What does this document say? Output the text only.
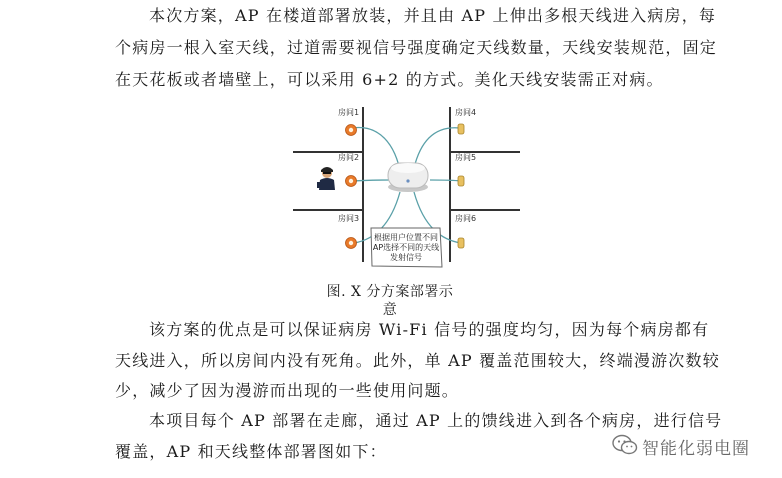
本次方案，AP 在楼道部署放装，并且由 AP 上伸出多根天线进入病房，每
个病房一根入室天线，过道需要视信号强度确定天线数量，天线安装规范，固定
在天花板或者墙壁上，可以采用 6+2 的方式。美化天线安装需正对病。
房间1
房间2
房间3
房间4
房间5
房间6
根据用户位置不同
AP选择不同的天线
发射信号
图. X 分方案部署示意
该方案的优点是可以保证病房 Wi-Fi 信号的强度均匀，因为每个病房都有
天线进入，所以房间内没有死角。此外，单 AP 覆盖范围较大，终端漫游次数较
少，减少了因为漫游而出现的一些使用问题。
本项目每个 AP 部署在走廊，通过 AP 上的馈线进入到各个病房，进行信号
覆盖，AP 和天线整体部署图如下：	智能化弱电圈
